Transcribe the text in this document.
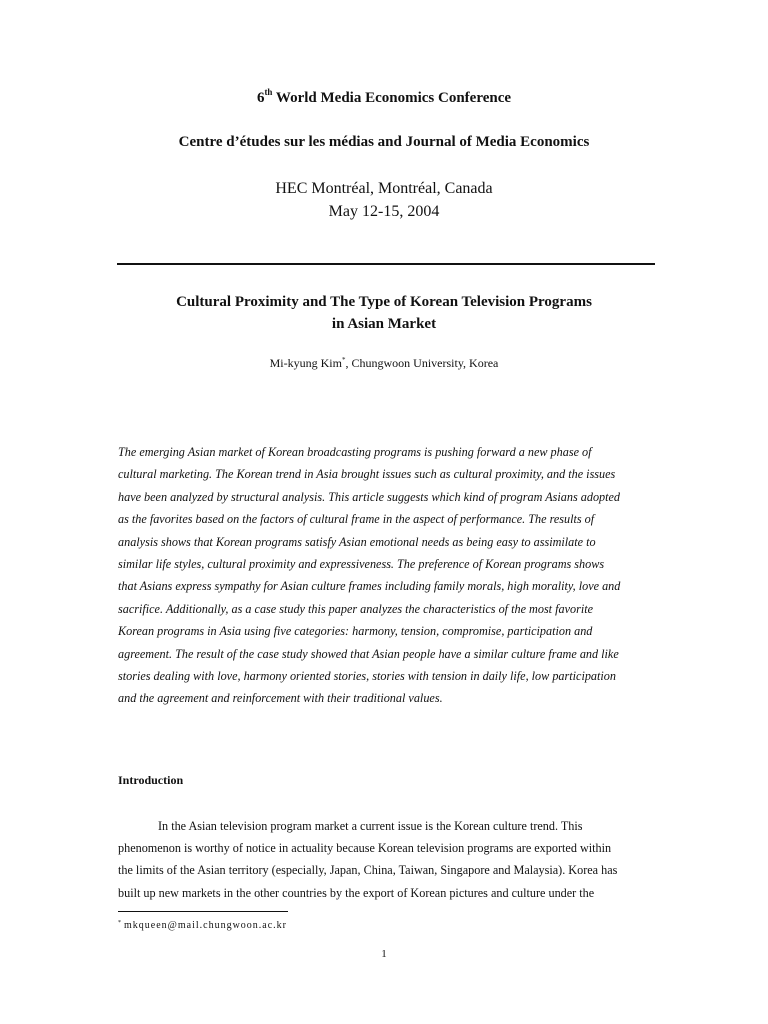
6th World Media Economics Conference
Centre d’études sur les médias and Journal of Media Economics
HEC Montréal, Montréal, Canada
May 12-15, 2004
Cultural Proximity and The Type of Korean Television Programs
in Asian Market
Mi-kyung Kim*, Chungwoon University, Korea
The emerging Asian market of Korean broadcasting programs is pushing forward a new phase of
cultural marketing. The Korean trend in Asia brought issues such as cultural proximity, and the issues
have been analyzed by structural analysis. This article suggests which kind of program Asians adopted
as the favorites based on the factors of cultural frame in the aspect of performance. The results of
analysis shows that Korean programs satisfy Asian emotional needs as being easy to assimilate to
similar life styles, cultural proximity and expressiveness. The preference of Korean programs shows
that Asians express sympathy for Asian culture frames including family morals, high morality, love and
sacrifice. Additionally, as a case study this paper analyzes the characteristics of the most favorite
Korean programs in Asia using five categories: harmony, tension, compromise, participation and
agreement. The result of the case study showed that Asian people have a similar culture frame and like
stories dealing with love, harmony oriented stories, stories with tension in daily life, low participation
and the agreement and reinforcement with their traditional values.
Introduction
In the Asian television program market a current issue is the Korean culture trend. This
phenomenon is worthy of notice in actuality because Korean television programs are exported within
the limits of the Asian territory (especially, Japan, China, Taiwan, Singapore and Malaysia). Korea has
built up new markets in the other countries by the export of Korean pictures and culture under the
* mkqueen@mail.chungwoon.ac.kr
1
